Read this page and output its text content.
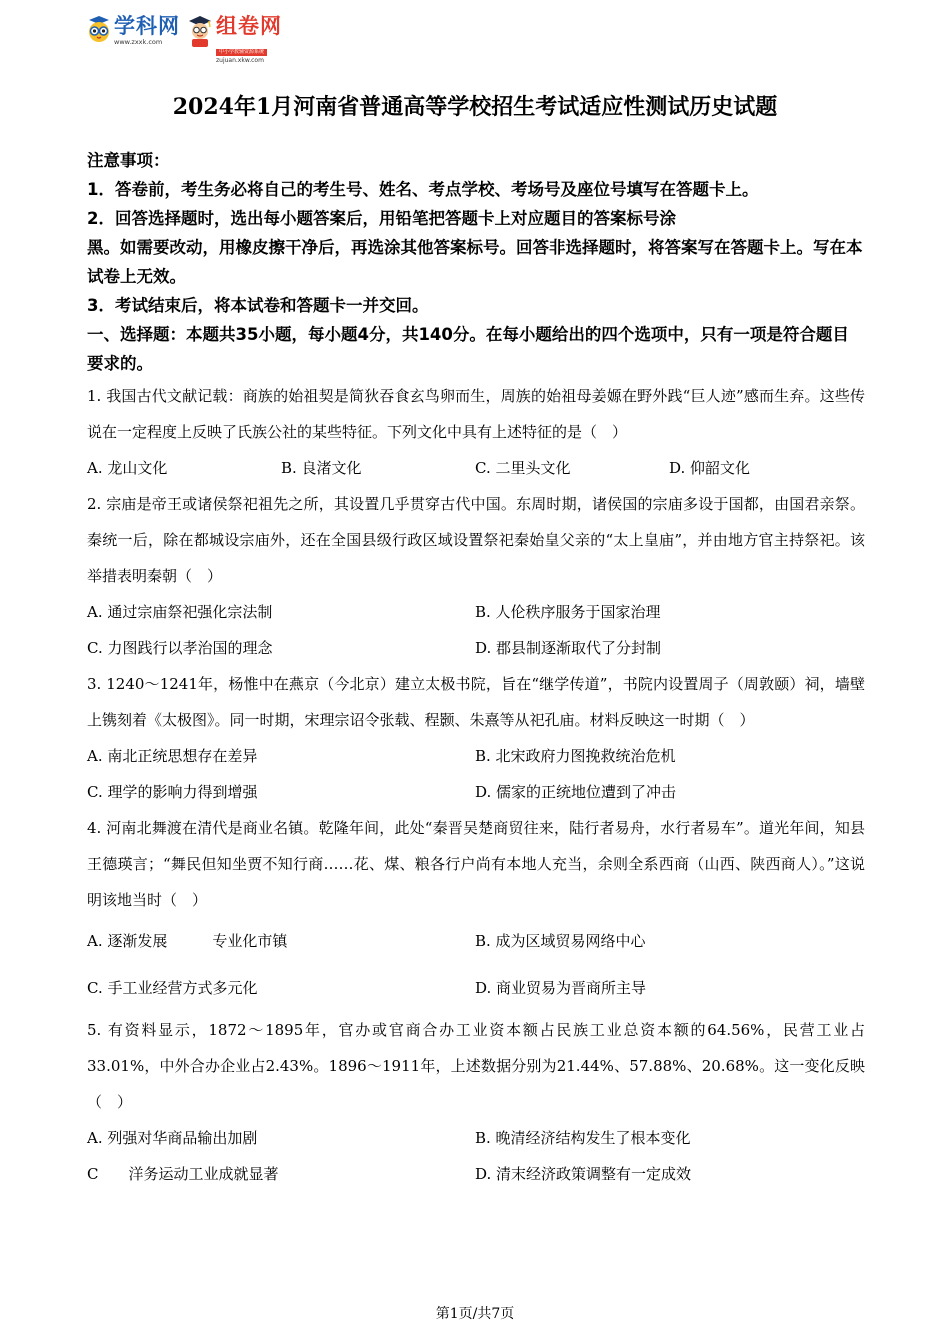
学科网
www.zxxk.com
组卷网
中小学教辅资源系统
zujuan.xkw.com
2024年1月河南省普通高等学校招生考试适应性测试历史试题

注意事项：

1．答卷前，考生务必将自己的考生号、姓名、考点学校、考场号及座位号填写在答题卡上。

2．回答选择题时，选出每小题答案后，用铅笔把答题卡上对应题目的答案标号涂

黑。如需要改动，用橡皮擦干净后，再选涂其他答案标号。回答非选择题时，将答案写在答题卡上。写在本试卷上无效。

3．考试结束后，将本试卷和答题卡一并交回。

一、选择题：本题共35小题，每小题4分，共140分。在每小题给出的四个选项中，只有一项是符合题目要求的。

1. 我国古代文献记载：商族的始祖契是简狄吞食玄鸟卵而生，周族的始祖母姜嫄在野外践“巨人迹”感而生弃。这些传说在一定程度上反映了氏族公社的某些特征。下列文化中具有上述特征的是（　）

A. 龙山文化	B. 良渚文化	C. 二里头文化	D. 仰韶文化

2. 宗庙是帝王或诸侯祭祀祖先之所，其设置几乎贯穿古代中国。东周时期，诸侯国的宗庙多设于国都，由国君亲祭。秦统一后，除在都城设宗庙外，还在全国县级行政区域设置祭祀秦始皇父亲的“太上皇庙”，并由地方官主持祭祀。该举措表明秦朝（　）

A. 通过宗庙祭祀强化宗法制	B. 人伦秩序服务于国家治理
C. 力图践行以孝治国的理念	D. 郡县制逐渐取代了分封制

3. 1240～1241年，杨惟中在燕京（今北京）建立太极书院，旨在“继学传道”，书院内设置周子（周敦颐）祠，墙壁上镌刻着《太极图》。同一时期，宋理宗诏令张载、程颢、朱熹等从祀孔庙。材料反映这一时期（　）

A. 南北正统思想存在差异	B. 北宋政府力图挽救统治危机
C. 理学的影响力得到增强	D. 儒家的正统地位遭到了冲击

4. 河南北舞渡在清代是商业名镇。乾隆年间，此处“秦晋吴楚商贸往来，陆行者易舟，水行者易车”。道光年间，知县王德瑛言；“舞民但知坐贾不知行商……花、煤、粮各行户尚有本地人充当，余则全系西商（山西、陕西商人）。”这说明该地当时（　）

A. 逐渐发展　　　专业化市镇	B. 成为区域贸易网络中心
C. 手工业经营方式多元化	D. 商业贸易为晋商所主导

5. 有资料显示，1872～1895年，官办或官商合办工业资本额占民族工业总资本额的64.56%，民营工业占33.01%，中外合办企业占2.43%。1896～1911年，上述数据分别为21.44%、57.88%、20.68%。这一变化反映（　）

A. 列强对华商品输出加剧	B. 晚清经济结构发生了根本变化
C　　洋务运动工业成就显著	D. 清末经济政策调整有一定成效
第1页/共7页
